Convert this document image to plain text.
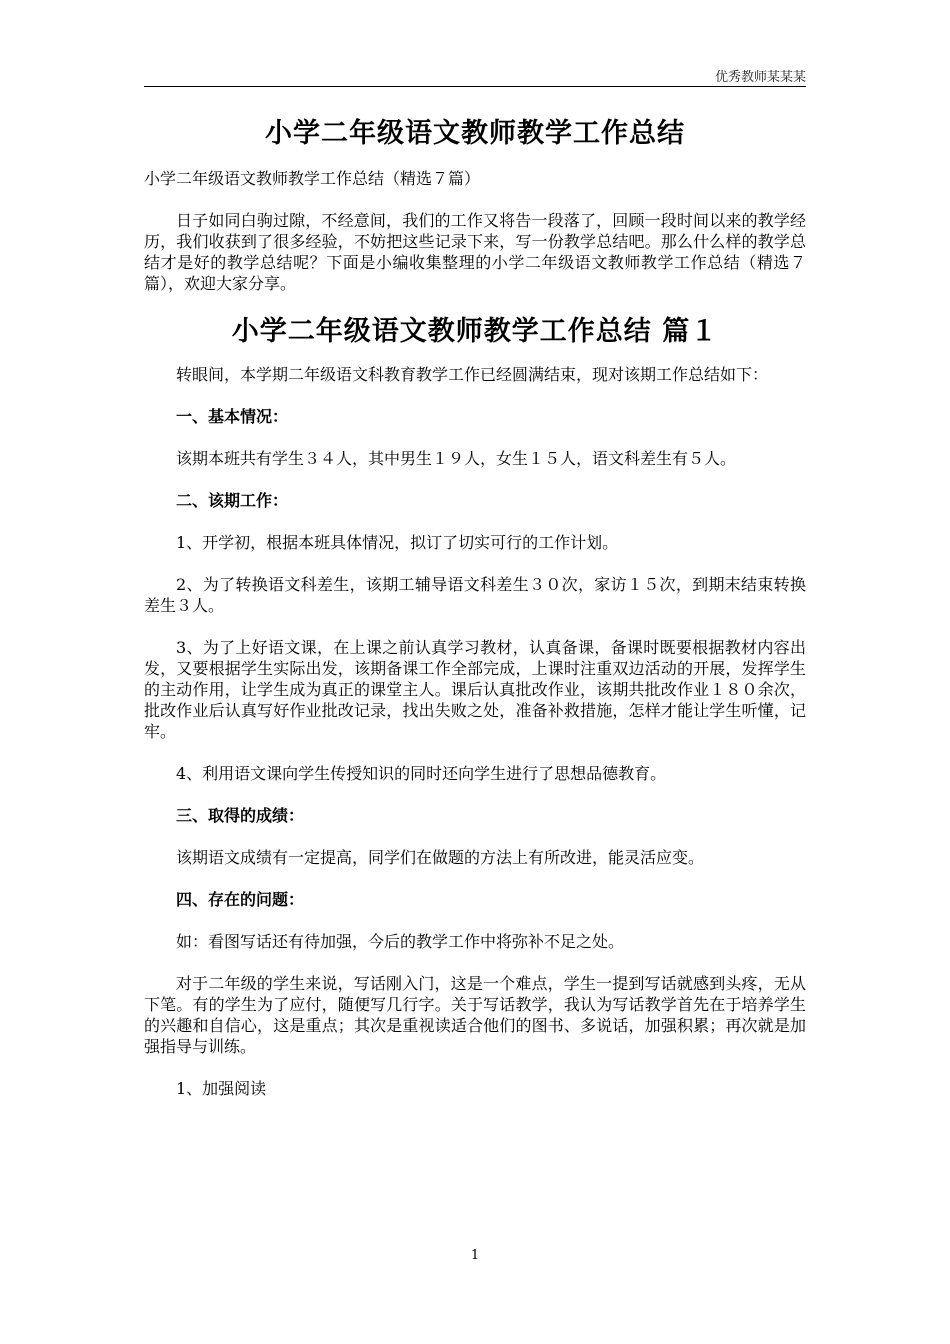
优秀教师某某某
小学二年级语文教师教学工作总结

小学二年级语文教师教学工作总结（精选７篇）

日子如同白驹过隙，不经意间，我们的工作又将告一段落了，回顾一段时间以来的教学经历，我们收获到了很多经验，不妨把这些记录下来，写一份教学总结吧。那么什么样的教学总结才是好的教学总结呢？下面是小编收集整理的小学二年级语文教师教学工作总结（精选７篇），欢迎大家分享。

小学二年级语文教师教学工作总结 篇１

转眼间，本学期二年级语文科教育教学工作已经圆满结束，现对该期工作总结如下：

一、基本情况：

该期本班共有学生３４人，其中男生１９人，女生１５人，语文科差生有５人。

二、该期工作：

1、开学初，根据本班具体情况，拟订了切实可行的工作计划。

2、为了转换语文科差生，该期工辅导语文科差生３０次，家访１５次，到期末结束转换差生３人。

3、为了上好语文课，在上课之前认真学习教材，认真备课，备课时既要根据教材内容出发，又要根据学生实际出发，该期备课工作全部完成，上课时注重双边活动的开展，发挥学生的主动作用，让学生成为真正的课堂主人。课后认真批改作业，该期共批改作业１８０余次，批改作业后认真写好作业批改记录，找出失败之处，准备补救措施，怎样才能让学生听懂，记牢。

4、利用语文课向学生传授知识的同时还向学生进行了思想品德教育。

三、取得的成绩：

该期语文成绩有一定提高，同学们在做题的方法上有所改进，能灵活应变。

四、存在的问题：

如：看图写话还有待加强，今后的教学工作中将弥补不足之处。

对于二年级的学生来说，写话刚入门，这是一个难点，学生一提到写话就感到头疼，无从下笔。有的学生为了应付，随便写几行字。关于写话教学，我认为写话教学首先在于培养学生的兴趣和自信心，这是重点；其次是重视读适合他们的图书、多说话，加强积累；再次就是加强指导与训练。

1、加强阅读

1
